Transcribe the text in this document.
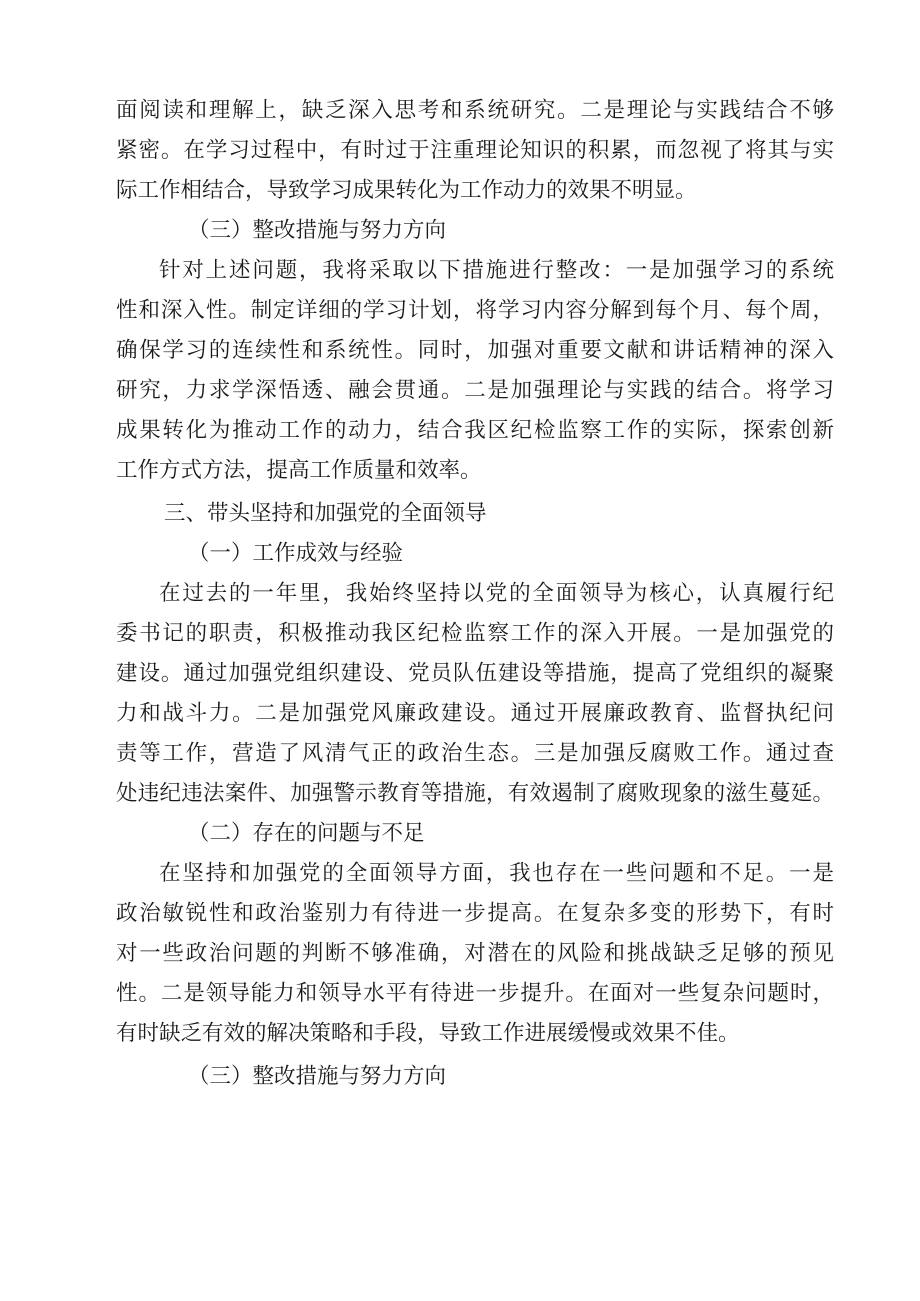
面阅读和理解上，缺乏深入思考和系统研究。二是理论与实践结合不够
紧密。在学习过程中，有时过于注重理论知识的积累，而忽视了将其与实
际工作相结合，导致学习成果转化为工作动力的效果不明显。
（三）整改措施与努力方向
针对上述问题，我将采取以下措施进行整改：一是加强学习的系统
性和深入性。制定详细的学习计划，将学习内容分解到每个月、每个周，
确保学习的连续性和系统性。同时，加强对重要文献和讲话精神的深入
研究，力求学深悟透、融会贯通。二是加强理论与实践的结合。将学习
成果转化为推动工作的动力，结合我区纪检监察工作的实际，探索创新
工作方式方法，提高工作质量和效率。
三、带头坚持和加强党的全面领导
（一）工作成效与经验
在过去的一年里，我始终坚持以党的全面领导为核心，认真履行纪
委书记的职责，积极推动我区纪检监察工作的深入开展。一是加强党的
建设。通过加强党组织建设、党员队伍建设等措施，提高了党组织的凝聚
力和战斗力。二是加强党风廉政建设。通过开展廉政教育、监督执纪问
责等工作，营造了风清气正的政治生态。三是加强反腐败工作。通过查
处违纪违法案件、加强警示教育等措施，有效遏制了腐败现象的滋生蔓延。
（二）存在的问题与不足
在坚持和加强党的全面领导方面，我也存在一些问题和不足。一是
政治敏锐性和政治鉴别力有待进一步提高。在复杂多变的形势下，有时
对一些政治问题的判断不够准确，对潜在的风险和挑战缺乏足够的预见
性。二是领导能力和领导水平有待进一步提升。在面对一些复杂问题时，
有时缺乏有效的解决策略和手段，导致工作进展缓慢或效果不佳。
（三）整改措施与努力方向
